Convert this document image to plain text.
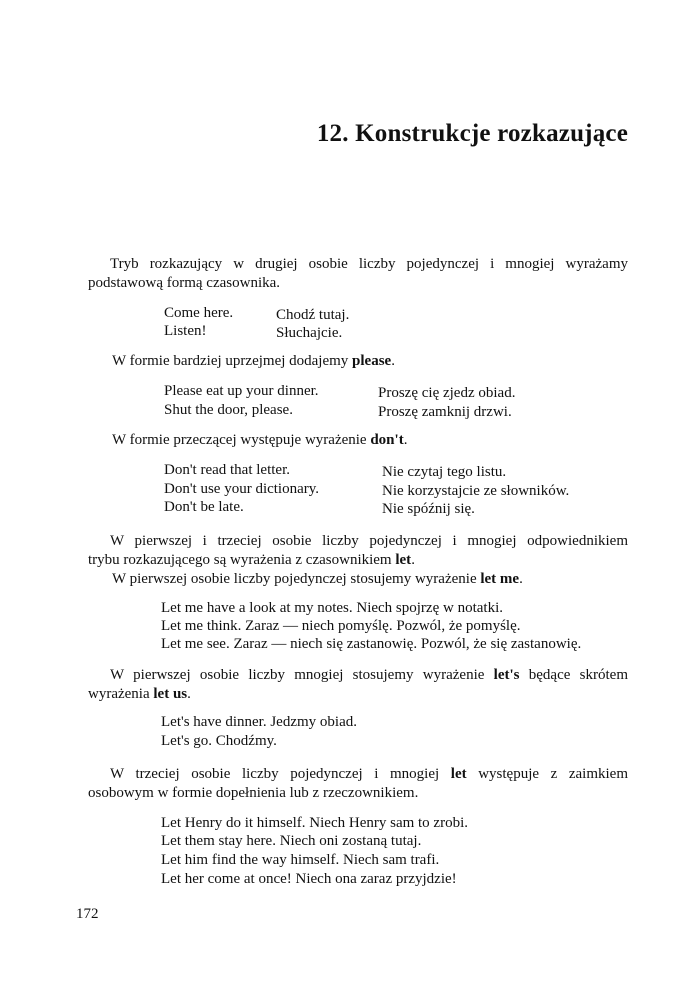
12. Konstrukcje rozkazujące
Tryb rozkazujący w drugiej osobie liczby pojedynczej i mnogiej wyrażamy
podstawową formą czasownika.
Come here.	Chodź tutaj.
Listen!	Słuchajcie.
W formie bardziej uprzejmej dodajemy please.
Please eat up your dinner.	Proszę cię zjedz obiad.
Shut the door, please.	Proszę zamknij drzwi.
W formie przeczącej występuje wyrażenie don't.
Don't read that letter.	Nie czytaj tego listu.
Don't use your dictionary.	Nie korzystajcie ze słowników.
Don't be late.	Nie spóźnij się.
W pierwszej i trzeciej osobie liczby pojedynczej i mnogiej odpowiednikiem
trybu rozkazującego są wyrażenia z czasownikiem let.
W pierwszej osobie liczby pojedynczej stosujemy wyrażenie let me.
Let me have a look at my notes. Niech spojrzę w notatki.
Let me think. Zaraz — niech pomyślę. Pozwól, że pomyślę.
Let me see. Zaraz — niech się zastanowię. Pozwól, że się zastanowię.
W pierwszej osobie liczby mnogiej stosujemy wyrażenie let's będące skrótem
wyrażenia let us.
Let's have dinner. Jedzmy obiad.
Let's go. Chodźmy.
W trzeciej osobie liczby pojedynczej i mnogiej let występuje z zaimkiem
osobowym w formie dopełnienia lub z rzeczownikiem.
Let Henry do it himself. Niech Henry sam to zrobi.
Let them stay here. Niech oni zostaną tutaj.
Let him find the way himself. Niech sam trafi.
Let her come at once! Niech ona zaraz przyjdzie!
172
